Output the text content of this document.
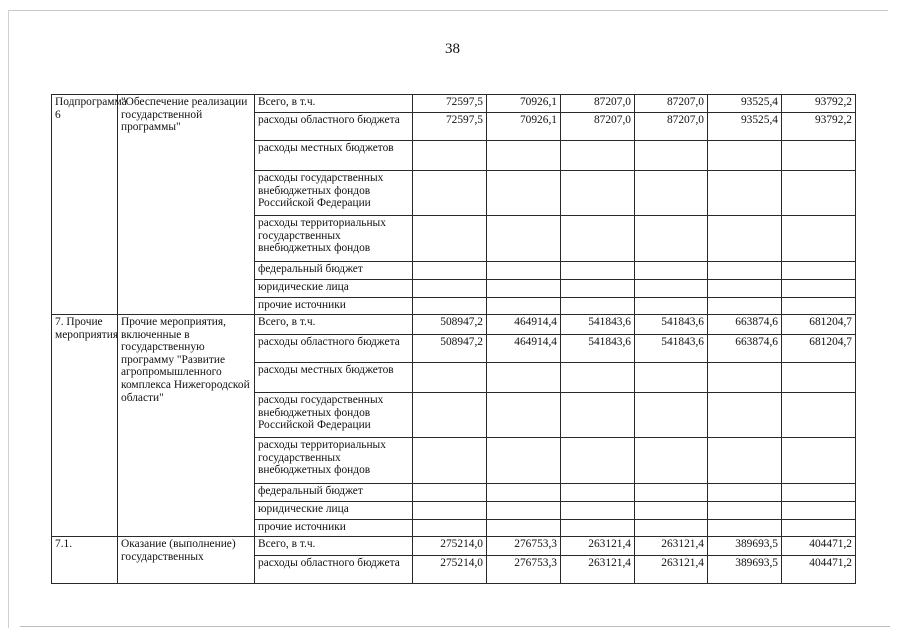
38
Подпрограмма 6	"Обеспечение реализации государственной программы"	Всего, в т.ч.	72597,5	70926,1	87207,0	87207,0	93525,4	93792,2
		расходы областного бюджета	72597,5	70926,1	87207,0	87207,0	93525,4	93792,2
		расходы местных бюджетов						
		расходы государственных внебюджетных фондов Российской Федерации						
		расходы территориальных государственных внебюджетных фондов						
		федеральный бюджет						
		юридические лица						
		прочие источники						
7. Прочие мероприятия	Прочие мероприятия, включенные в государственную программу "Развитие агропромышленного комплекса Нижегородской области"	Всего, в т.ч.	508947,2	464914,4	541843,6	541843,6	663874,6	681204,7
		расходы областного бюджета	508947,2	464914,4	541843,6	541843,6	663874,6	681204,7
		расходы местных бюджетов						
		расходы государственных внебюджетных фондов Российской Федерации						
		расходы территориальных государственных внебюджетных фондов						
		федеральный бюджет						
		юридические лица						
		прочие источники						
7.1.	Оказание (выполнение) государственных	Всего, в т.ч.	275214,0	276753,3	263121,4	263121,4	389693,5	404471,2
		расходы областного бюджета	275214,0	276753,3	263121,4	263121,4	389693,5	404471,2
